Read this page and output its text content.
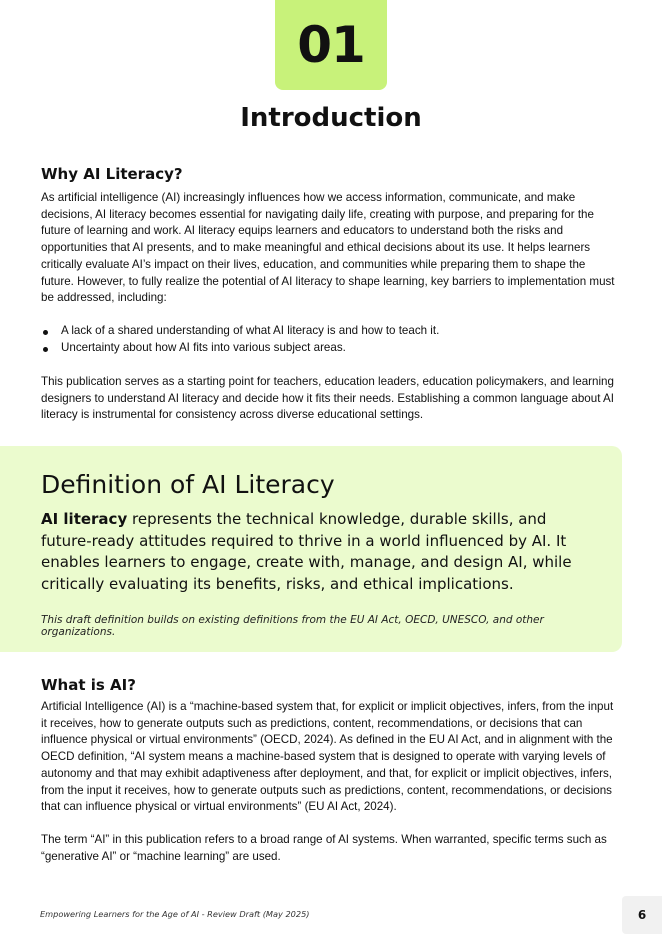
01
Introduction
Why AI Literacy?

As artificial intelligence (AI) increasingly influences how we access information, communicate, and make decisions, AI literacy becomes essential for navigating daily life, creating with purpose, and preparing for the future of learning and work. AI literacy equips learners and educators to understand both the risks and opportunities that AI presents, and to make meaningful and ethical decisions about its use. It helps learners critically evaluate AI’s impact on their lives, education, and communities while preparing them to shape the future. However, to fully realize the potential of AI literacy to shape learning, key barriers to implementation must be addressed, including:

A lack of a shared understanding of what AI literacy is and how to teach it.
Uncertainty about how AI fits into various subject areas.

This publication serves as a starting point for teachers, education leaders, education policymakers, and learning designers to understand AI literacy and decide how it fits their needs. Establishing a common language about AI literacy is instrumental for consistency across diverse educational settings.

Definition of AI Literacy

AI literacy represents the technical knowledge, durable skills, and future-ready attitudes required to thrive in a world influenced by AI. It enables learners to engage, create with, manage, and design AI, while critically evaluating its benefits, risks, and ethical implications.

This draft definition builds on existing definitions from the EU AI Act, OECD, UNESCO, and other organizations.

What is AI?

Artificial Intelligence (AI) is a “machine-based system that, for explicit or implicit objectives, infers, from the input it receives, how to generate outputs such as predictions, content, recommendations, or decisions that can influence physical or virtual environments” (OECD, 2024). As defined in the EU AI Act, and in alignment with the OECD definition, “AI system means a machine-based system that is designed to operate with varying levels of autonomy and that may exhibit adaptiveness after deployment, and that, for explicit or implicit objectives, infers, from the input it receives, how to generate outputs such as predictions, content, recommendations, or decisions that can influence physical or virtual environments” (EU AI Act, 2024).

The term “AI” in this publication refers to a broad range of AI systems. When warranted, specific terms such as “generative AI” or “machine learning” are used.

Empowering Learners for the Age of AI - Review Draft (May 2025)	6
